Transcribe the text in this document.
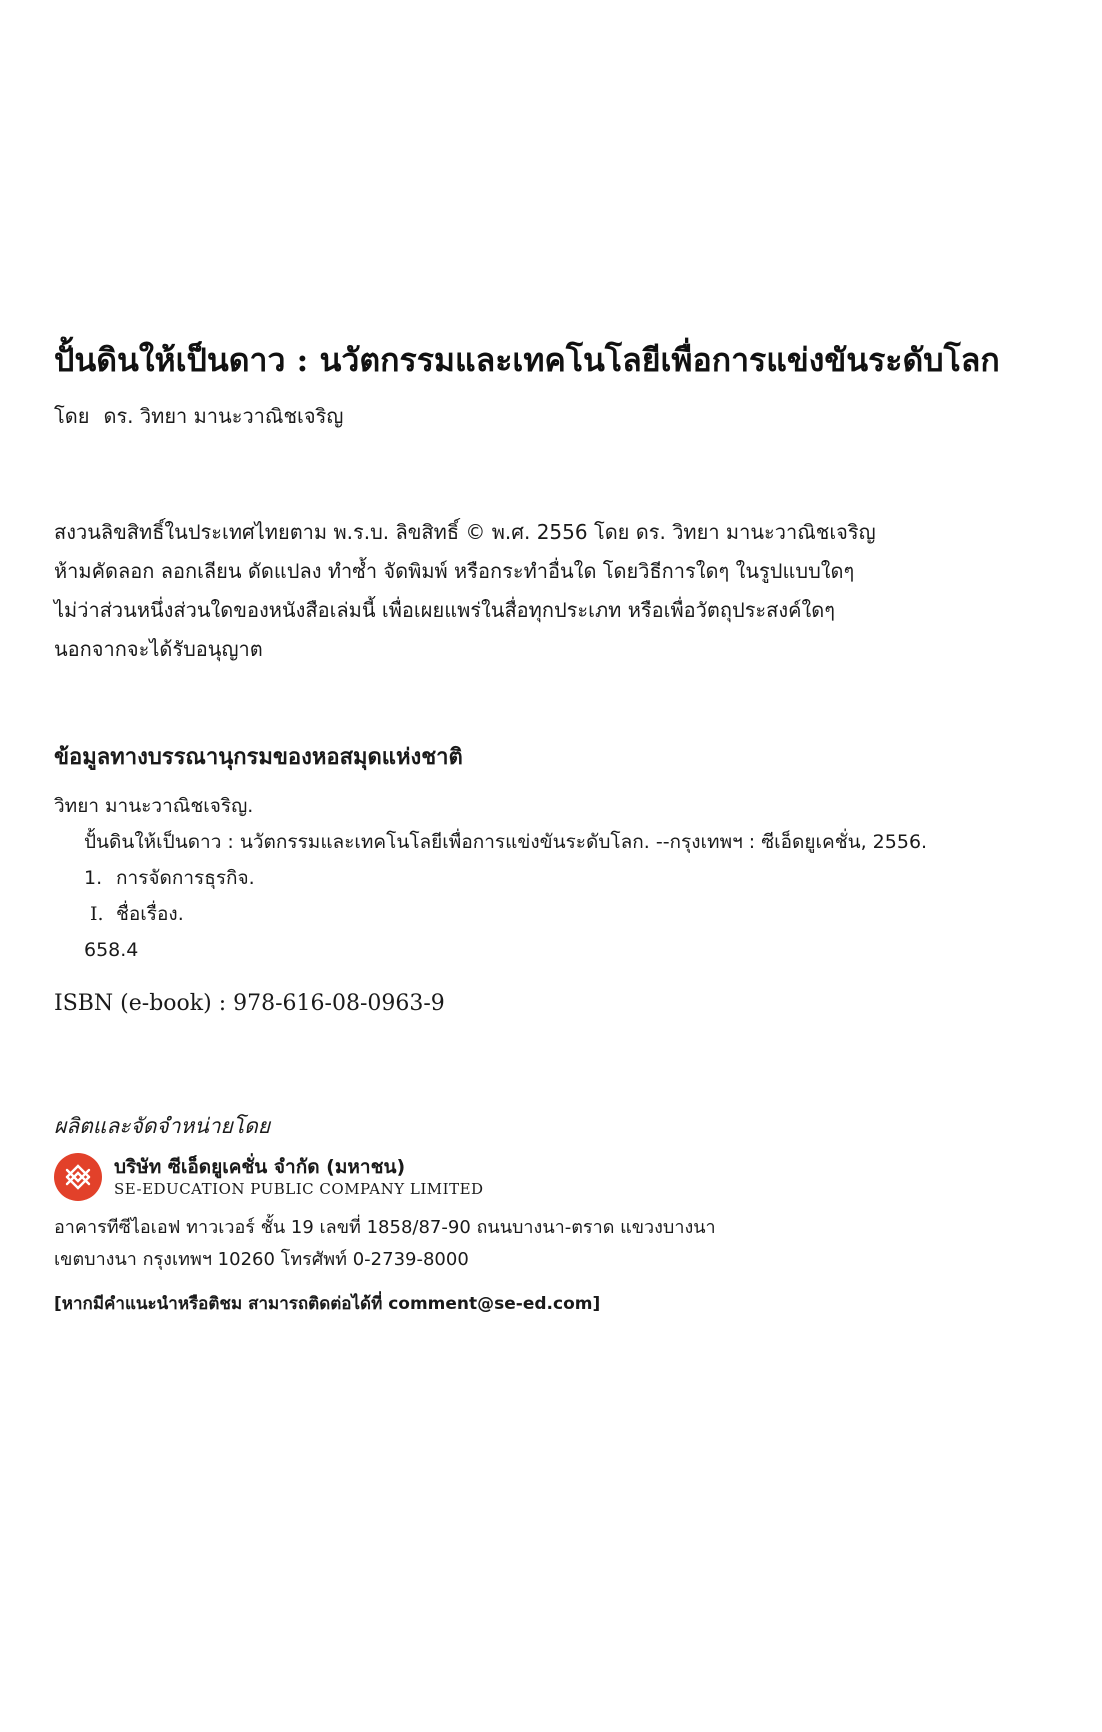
ปั้นดินให้เป็นดาว : นวัตกรรมและเทคโนโลยีเพื่อการแข่งขันระดับโลก
โดย ดร. วิทยา มานะวาณิชเจริญ
สงวนลิขสิทธิ์ในประเทศไทยตาม พ.ร.บ. ลิขสิทธิ์ © พ.ศ. 2556 โดย ดร. วิทยา มานะวาณิชเจริญ
ห้ามคัดลอก ลอกเลียน ดัดแปลง ทำซ้ำ จัดพิมพ์ หรือกระทำอื่นใด โดยวิธีการใดๆ ในรูปแบบใดๆ
ไม่ว่าส่วนหนึ่งส่วนใดของหนังสือเล่มนี้ เพื่อเผยแพร่ในสื่อทุกประเภท หรือเพื่อวัตถุประสงค์ใดๆ
นอกจากจะได้รับอนุญาต
ข้อมูลทางบรรณานุกรมของหอสมุดแห่งชาติ
วิทยา มานะวาณิชเจริญ.
ปั้นดินให้เป็นดาว : นวัตกรรมและเทคโนโลยีเพื่อการแข่งขันระดับโลก. --กรุงเทพฯ : ซีเอ็ดยูเคชั่น, 2556.
1. การจัดการธุรกิจ.
I. ชื่อเรื่อง.
658.4
ISBN (e-book) : 978-616-08-0963-9
ผลิตและจัดจำหน่ายโดย
บริษัท ซีเอ็ดยูเคชั่น จำกัด (มหาชน)
SE-EDUCATION PUBLIC COMPANY LIMITED
อาคารทีซีไอเอฟ ทาวเวอร์ ชั้น 19 เลขที่ 1858/87-90 ถนนบางนา-ตราด แขวงบางนา
เขตบางนา กรุงเทพฯ 10260 โทรศัพท์ 0-2739-8000
[หากมีคำแนะนำหรือติชม สามารถติดต่อได้ที่ comment@se-ed.com]
